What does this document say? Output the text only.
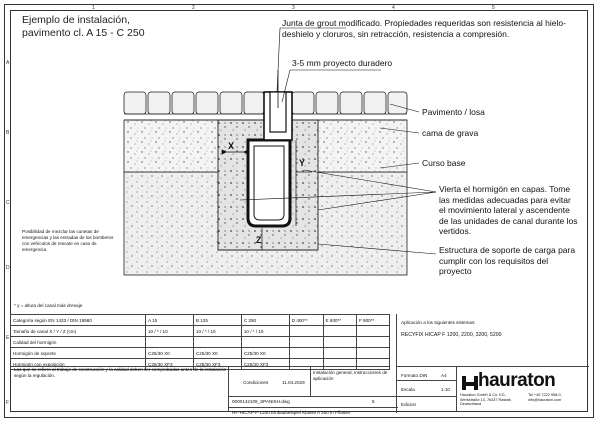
1	2	3	4	5
A
B
C
D
E
F
Ejemplo de instalación,
pavimento cl. A 15 - C 250
X
Y
Z
Junta de grout modificado. Propiedades requeridas son resistencia al hielo-deshielo y cloruros, sin retracción, resistencia a compresión.
3-5 mm proyecto duradero
Pavimento / losa
cama de grava
Curso base
Vierta el hormigón en capas. Tome las medidas adecuadas para evitar el movimiento lateral y ascendente de las unidades de canal durante los vertidos.
Estructura de soporte de carga para cumplir con los requisitos del proyecto
Posibilidad de mezclar las cunetas de emergencias y las entradas de los bomberos con vehículos de rescate en caso de emergencia.
* y = altura del canal más drenaje
Categoría según EN 1433 / DIN 19580	A 15	B 125	C 250	D 400**	E 600**	F 900**
Tamaño de canal X / Y / Z (cm)	10 / * / 10	10 / * / 10	10 / * / 10			
Calidad del hormigón						
Hormigón de soporte	C25/30 X0	C25/30 X0	C25/30 X0			
Hormigón con exposición	C25/30 XF3	C25/30 XF3	C25/30 XF3			
Las que se refiere al trabajo de construcción y la calidad deben ser comprobadas antes de la instalación según la regulación.
Condiciones	11.04.2029
Instalación general, instrucciones de aplicación
0000142109_SPANISH.dwg	5
RF-HICAP-F-1200 Einbaubeispiel Klasse A 250 in Pflaster
Aplicación a los siguientes sistemas:
RECYFIX HICAP F 1200, 2200, 3200, 5200
Formato DIN	A4
Escala	1:10
Edicion
hauraton
Hauraton GmbH & Co. KG, Werkstraße 13, 76437 Rastatt, Deutschland
Tel +49 7222 958-0, info@hauraton.com
